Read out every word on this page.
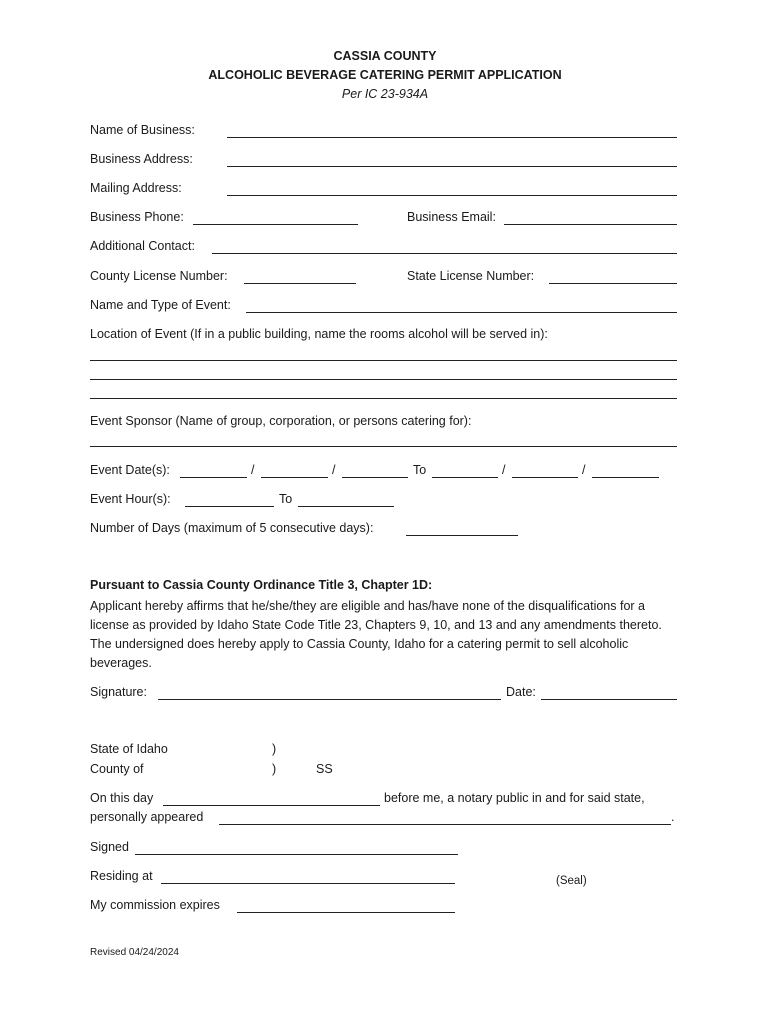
CASSIA COUNTY
ALCOHOLIC BEVERAGE CATERING PERMIT APPLICATION
Per IC 23-934A
Name of Business:
Business Address:
Mailing Address:
Business Phone:	Business Email:
Additional Contact:
County License Number:	State License Number:
Name and Type of Event:
Location of Event (If in a public building, name the rooms alcohol will be served in):
Event Sponsor (Name of group, corporation, or persons catering for):
Event Date(s):	/	/	To	/	/
Event Hour(s):	To
Number of Days (maximum of 5 consecutive days):
Pursuant to Cassia County Ordinance Title 3, Chapter 1D:
Applicant hereby affirms that he/she/they are eligible and has/have none of the disqualifications for a license as provided by Idaho State Code Title 23, Chapters 9, 10, and 13 and any amendments thereto. The undersigned does hereby apply to Cassia County, Idaho for a catering permit to sell alcoholic beverages.
Signature:	Date:
State of Idaho	)
County of	)	SS
On this day	before me, a notary public in and for said state,
personally appeared	.
Signed
Residing at	(Seal)
My commission expires
Revised 04/24/2024
